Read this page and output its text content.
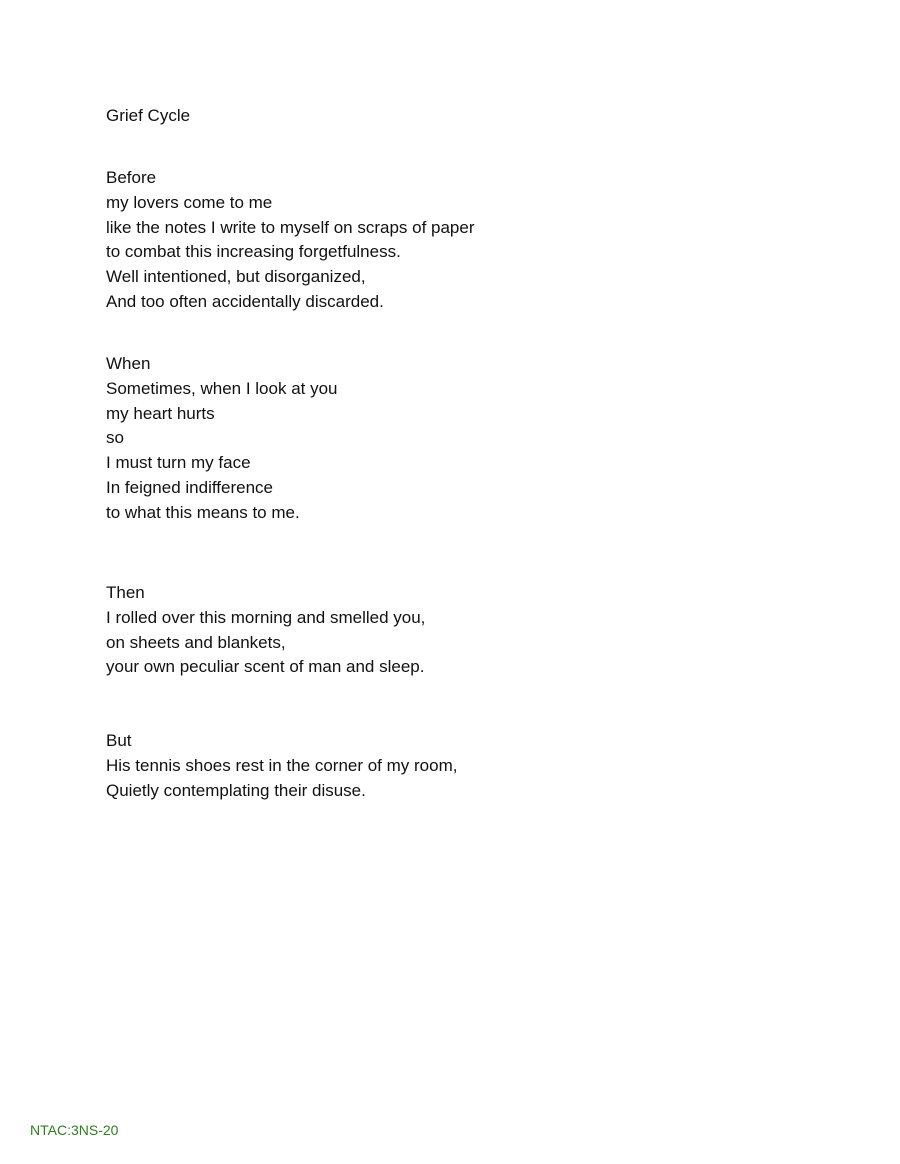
Grief Cycle
Before
my lovers come to me
like the notes I write to myself on scraps of paper
to combat this increasing forgetfulness.
Well intentioned, but disorganized,
And too often accidentally discarded.
When
Sometimes, when I look at you
my heart hurts
so
I must turn my face
In feigned indifference
to what this means to me.
Then
I rolled over this morning and smelled you,
on sheets and blankets,
your own peculiar scent of man and sleep.
But
His tennis shoes rest in the corner of my room,
Quietly contemplating their disuse.
NTAC:3NS-20
